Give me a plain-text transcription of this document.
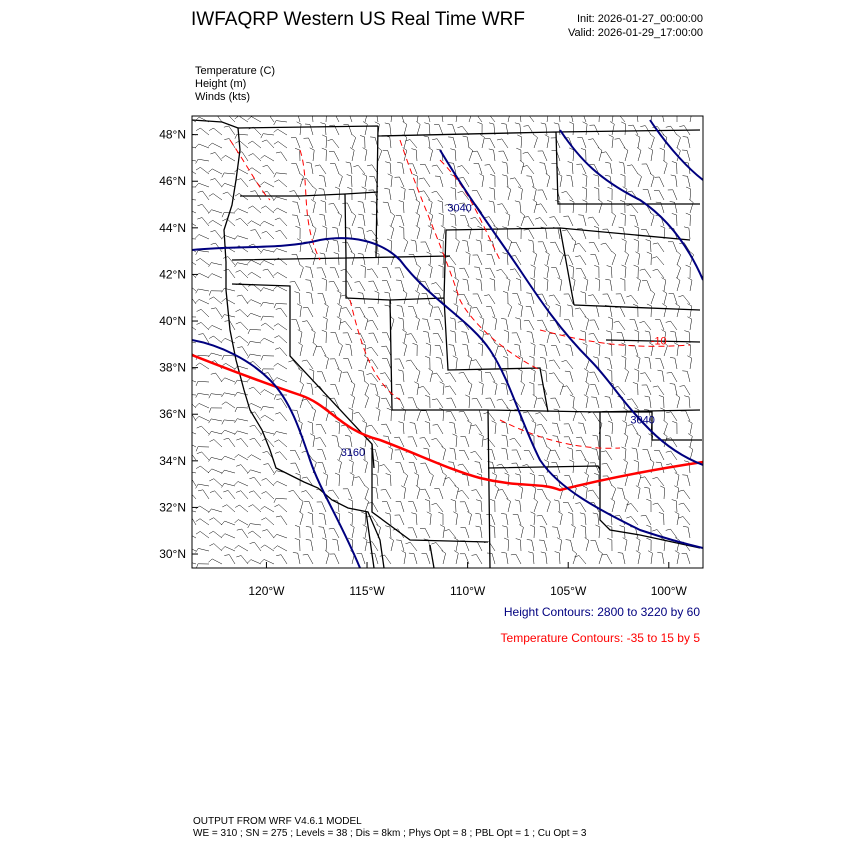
IWFAQRP Western US Real Time WRF	Init: 2026-01-27_00:00:00
Valid: 2026-01-29_17:00:00
Temperature (C)
Height (m)
Winds (kts)
30°N
32°N
34°N
36°N
38°N
40°N
42°N
44°N
46°N
48°N
120°W	115°W	110°W	105°W	100°W
3040
3160
3040
-10
Height Contours: 2800 to 3220 by 60
Temperature Contours: -35 to 15 by 5
OUTPUT FROM WRF V4.6.1 MODEL
WE = 310 ; SN = 275 ; Levels = 38 ; Dis = 8km ; Phys Opt = 8 ; PBL Opt = 1 ; Cu Opt = 3
